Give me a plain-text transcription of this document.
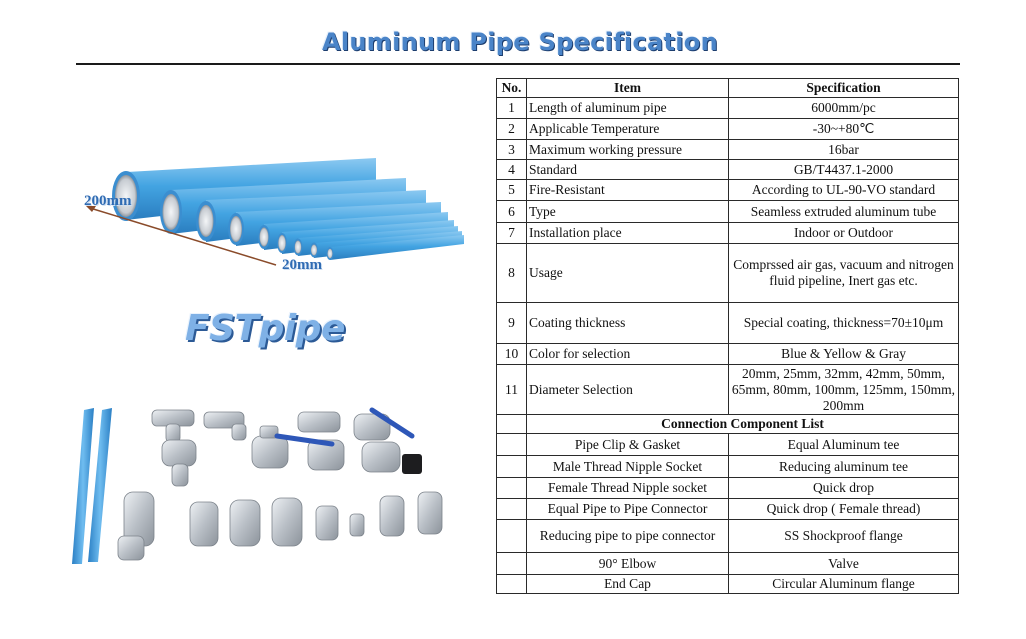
Aluminum Pipe Specification
200mm
20mm
FSTpipe
No.	Item	Specification
1	Length of aluminum pipe	6000mm/pc
2	Applicable Temperature	-30~+80℃
3	Maximum working pressure	16bar
4	Standard	GB/T4437.1-2000
5	Fire-Resistant	According to UL-90-VO standard
6	Type	Seamless extruded aluminum tube
7	Installation place	Indoor or Outdoor
8	Usage	Comprssed air gas, vacuum and nitrogen fluid pipeline, Inert gas etc.
9	Coating thickness	Special coating, thickness=70±10μm
10	Color for selection	Blue & Yellow & Gray
11	Diameter Selection	20mm, 25mm, 32mm, 42mm, 50mm, 65mm, 80mm, 100mm, 125mm, 150mm, 200mm
	Connection Component List	
	Pipe Clip & Gasket	Equal Aluminum tee
	Male Thread Nipple Socket	Reducing aluminum tee
	Female Thread Nipple socket	Quick drop
	Equal Pipe to Pipe Connector	Quick drop ( Female thread)
	Reducing pipe to pipe connector	SS Shockproof flange
	90° Elbow	Valve
	End Cap	Circular Aluminum flange
